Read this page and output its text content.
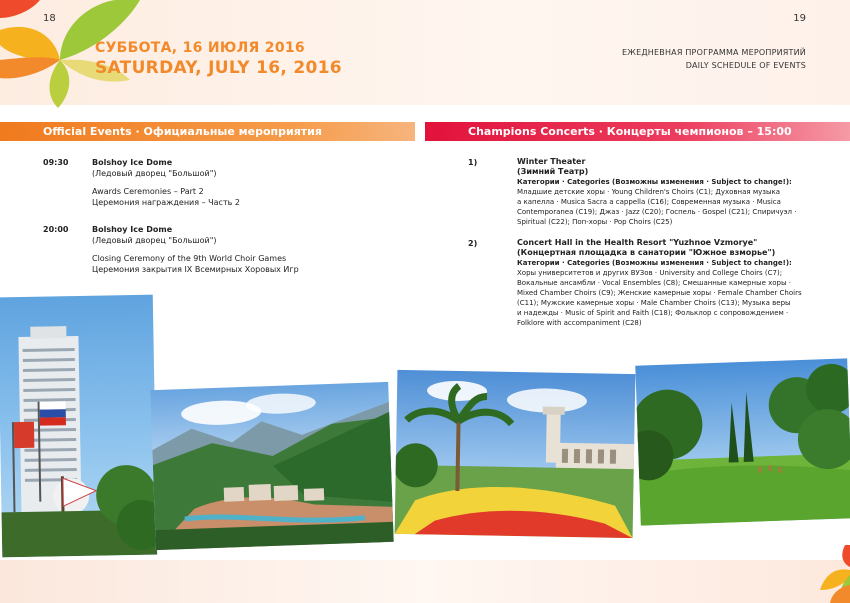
18	19
СУББОТА, 16 ИЮЛЯ 2016
SATURDAY, JULY 16, 2016
ЕЖЕДНЕВНАЯ ПРОГРАММА МЕРОПРИЯТИЙ
DAILY SCHEDULE OF EVENTS
Official Events · Официальные мероприятия	Champions Concerts · Концерты чемпионов – 15:00
09:30	Bolshoy Ice Dome
(Ледовый дворец "Большой")
Awards Ceremonies – Part 2
Церемония награждения – Часть 2
20:00	Bolshoy Ice Dome
(Ледовый дворец "Большой")
Closing Ceremony of the 9th World Choir Games
Церемония закрытия IX Всемирных Хоровых Игр
1)	Winter Theater
(Зимний Театр)
Категории · Categories (Возможны изменения · Subject to change!):
Младшие детские хоры · Young Children's Choirs (C1); Духовная музыка
а капелла · Musica Sacra a cappella (C16); Современная музыка · Musica
Contemporanea (C19); Джаз · Jazz (C20); Госпель · Gospel (C21); Спиричуэл ·
Spiritual (C22); Поп-хоры · Pop Choirs (C25)
2)	Concert Hall in the Health Resort "Yuzhnoe Vzmorye"
(Концертная площадка в санатории "Южное взморье")
Категории · Categories (Возможны изменения · Subject to change!):
Хоры университетов и других ВУЗов · University and College Choirs (C7);
Вокальные ансамбли · Vocal Ensembles (C8); Смешанные камерные хоры ·
Mixed Chamber Choirs (C9); Женские камерные хоры · Female Chamber Choirs
(C11); Мужские камерные хоры · Male Chamber Choirs (C13); Музыка веры
и надежды · Music of Spirit and Faith (C18); Фольклор с сопровождением ·
Folklore with accompaniment (C28)
